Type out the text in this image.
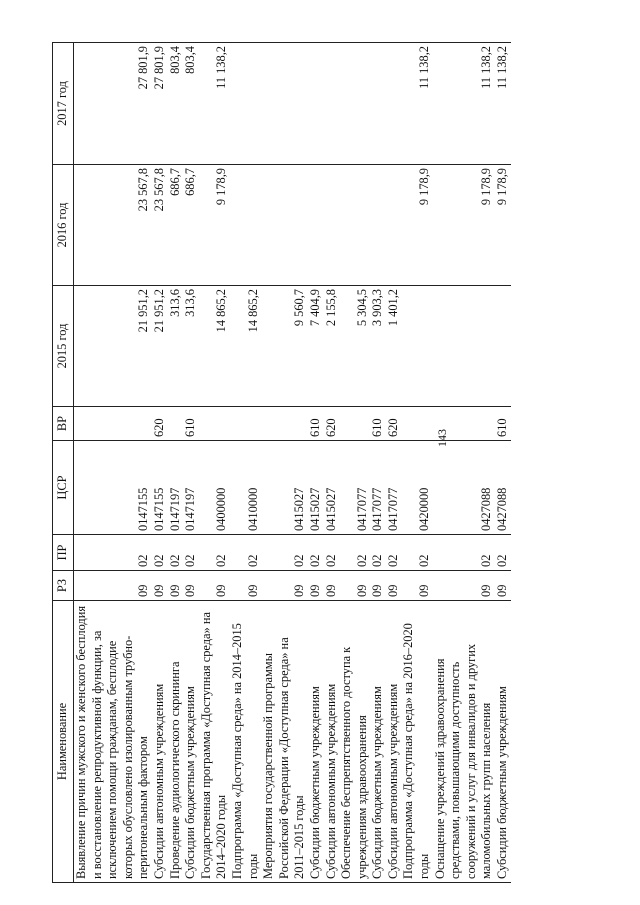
143
Наименование	РЗ	ПР	ЦСР	ВР	2015 год	2016 год	2017 год
Выявление причин мужского и женского бесплодия и восстановление репродуктивной функции, за исключением помощи гражданам, бесплодие которых обусловлено изолированным трубно-перитонеальным фактором	09	02	0147155		21 951,2	23 567,8	27 801,9
Субсидии автономным учреждениям	09	02	0147155	620	21 951,2	23 567,8	27 801,9
Проведение аудиологического скрининга	09	02	0147197		313,6	686,7	803,4
Субсидии бюджетным учреждениям	09	02	0147197	610	313,6	686,7	803,4
Государственная программа «Доступная среда» на 2014–2020 годы	09	02	0400000		14 865,2	9 178,9	11 138,2
Подпрограмма «Доступная среда» на 2014–2015 годы	09	02	0410000		14 865,2		
Мероприятия государственной программы Российской Федерации «Доступная среда» на 2011–2015 годы	09	02	0415027		9 560,7		
Субсидии бюджетным учреждениям	09	02	0415027	610	7 404,9		
Субсидии автономным учреждениям	09	02	0415027	620	2 155,8		
Обеспечение беспрепятственного доступа к учреждениям здравоохранения	09	02	0417077		5 304,5		
Субсидии бюджетным учреждениям	09	02	0417077	610	3 903,3		
Субсидии автономным учреждениям	09	02	0417077	620	1 401,2		
Подпрограмма «Доступная среда» на 2016–2020 годы	09	02	0420000			9 178,9	11 138,2
Оснащение учреждений здравоохранения средствами, повышающими доступность сооружений и услуг для инвалидов и других маломобильных групп населения	09	02	0427088			9 178,9	11 138,2
Субсидии бюджетным учреждениям	09	02	0427088	610		9 178,9	11 138,2
